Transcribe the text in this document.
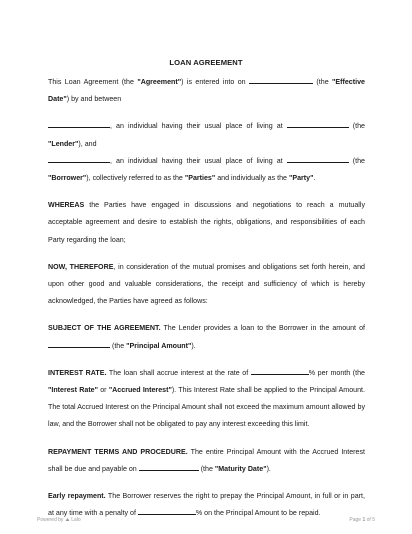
LOAN AGREEMENT

This Loan Agreement (the "Agreement") is entered into on	(the "Effective Date") by and between

, an individual having their usual place of living at	(the "Lender"), and

, an individual having their usual place of living at	(the "Borrower"), collectively referred to as the "Parties" and individually as the "Party".

WHEREAS the Parties have engaged in discussions and negotiations to reach a mutually acceptable agreement and desire to establish the rights, obligations, and responsibilities of each Party regarding the loan;

NOW, THEREFORE, in consideration of the mutual promises and obligations set forth herein, and upon other good and valuable considerations, the receipt and sufficiency of which is hereby acknowledged, the Parties have agreed as follows:

SUBJECT OF THE AGREEMENT. The Lender provides a loan to the Borrower in the amount of  (the "Principal Amount").

INTEREST RATE. The loan shall accrue interest at the rate of	% per month (the "Interest Rate" or "Accrued Interest"). This Interest Rate shall be applied to the Principal Amount. The total Accrued Interest on the Principal Amount shall not exceed the maximum amount allowed by law, and the Borrower shall not be obligated to pay any interest exceeding this limit.

REPAYMENT TERMS AND PROCEDURE. The entire Principal Amount with the Accrued Interest shall be due and payable on	(the "Maturity Date").

Early repayment. The Borrower reserves the right to prepay the Principal Amount, in full or in part, at any time with a penalty of	% on the Principal Amount to be repaid.

Powered by Lalo	Page 1 of 5
